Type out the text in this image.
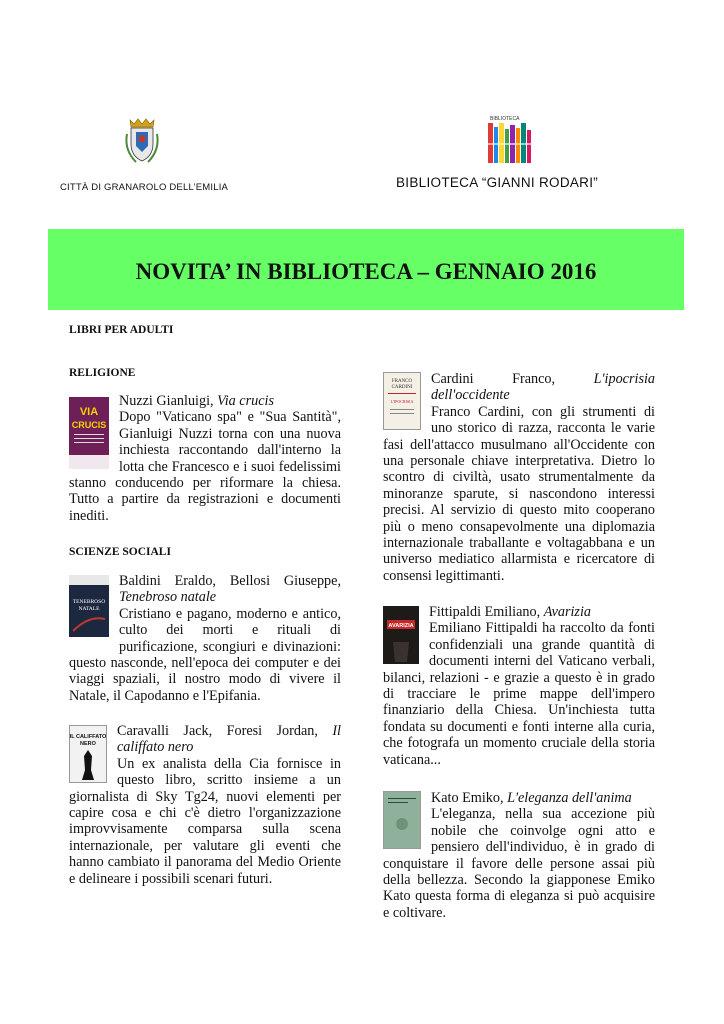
CITTÀ DI GRANAROLO DELL’EMILIA
BIBLIOTECA
BIBLIOTECA “GIANNI RODARI”
NOVITA’ IN BIBLIOTECA – GENNAIO 2016
LIBRI PER ADULTI
RELIGIONE
VIA
CRUCIS

Nuzzi Gianluigi, Via crucis

Dopo "Vaticano spa" e "Sua Santità", Gianluigi Nuzzi torna con una nuova inchiesta raccontando dall'interno la lotta che Francesco e i suoi fedelissimi stanno conducendo per riformare la chiesa. Tutto a partire da registrazioni e documenti inediti.

SCIENZE SOCIALI
TENEBROSO
NATALE

Baldini Eraldo, Bellosi Giuseppe, Tenebroso natale

Cristiano e pagano, moderno e antico, culto dei morti e rituali di purificazione, scongiuri e divinazioni: questo nasconde, nell'epoca dei computer e dei viaggi spaziali, il nostro modo di vivere il Natale, il Capodanno e l'Epifania.

IL CALIFFATO
NERO

Caravalli Jack, Foresi Jordan, Il califfato nero

Un ex analista della Cia fornisce in questo libro, scritto insieme a un giornalista di Sky Tg24, nuovi elementi per capire cosa e chi c'è dietro l'organizzazione improvvisamente comparsa sulla scena internazionale, per valutare gli eventi che hanno cambiato il panorama del Medio Oriente e delineare i possibili scenari futuri.

FRANCO
CARDINI
L'IPOCRISIA

Cardini Franco, L'ipocrisia dell'occidente

Franco Cardini, con gli strumenti di uno storico di razza, racconta le varie fasi dell'attacco musulmano all'Occidente con una personale chiave interpretativa. Dietro lo scontro di civiltà, usato strumentalmente da minoranze sparute, si nascondono interessi precisi. Al servizio di questo mito cooperano più o meno consapevolmente una diplomazia internazionale traballante e voltagabbana e un universo mediatico allarmista e ricercatore di consensi legittimanti.

AVARIZIA

Fittipaldi Emiliano, Avarizia

Emiliano Fittipaldi ha raccolto da fonti confidenziali una grande quantità di documenti interni del Vaticano verbali, bilanci, relazioni - e grazie a questo è in grado di tracciare le prime mappe dell'impero finanziario della Chiesa. Un'inchiesta tutta fondata su documenti e fonti interne alla curia, che fotografa un momento cruciale della storia vaticana...

Kato Emiko, L'eleganza dell'anima

L'eleganza, nella sua accezione più nobile che coinvolge ogni atto e pensiero dell'individuo, è in grado di conquistare il favore delle persone assai più della bellezza. Secondo la giapponese Emiko Kato questa forma di eleganza si può acquisire e coltivare.
